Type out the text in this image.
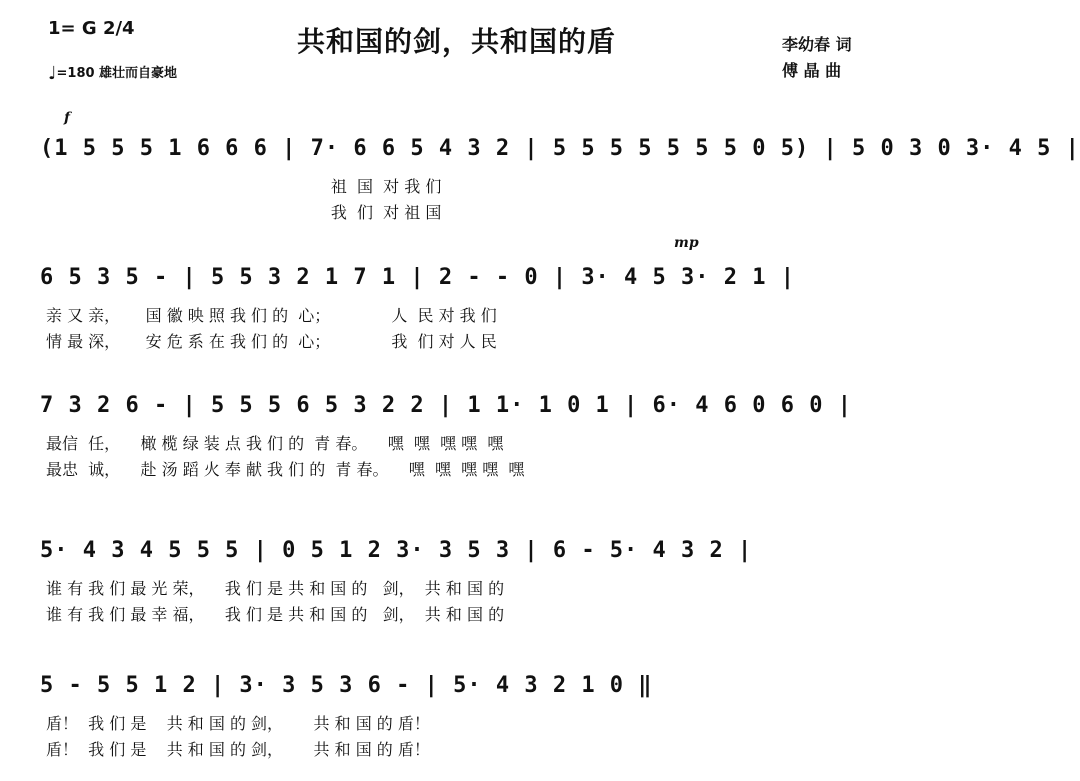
1= G 2/4
♩=180 雄壮而自豪地
共和国的剑，共和国的盾	李幼春 词
傅 晶 曲
f
(1 5 5 5 1 6 6 6 | 7· 6 6 5 4 3 2 | 5 5 5 5 5 5 5 0 5) | 5 0 3 0 3· 4 5 |
祖  国  对 我 们
我  们  对 祖 国
mp
6 5 3 5 - | 5 5 3 2 1 7 1 | 2 - - 0 | 3· 4 5 3· 2 1 |
亲 又 亲，     国 徽 映 照 我 们 的  心；            人  民 对 我 们
情 最 深，     安 危 系 在 我 们 的  心；            我  们 对 人 民
7 3 2 6 - | 5 5 5 6 5 3 2 2 | 1 1· 1 0 1 | 6· 4 6 0 6 0 |
最信  任，    橄 榄 绿 装 点 我 们 的  青 春。    嘿  嘿  嘿 嘿  嘿
最忠  诚，    赴 汤 蹈 火 奉 献 我 们 的  青 春。    嘿  嘿  嘿 嘿  嘿
5· 4 3 4 5 5 5 | 0 5 1 2 3· 3 5 3 | 6 - 5· 4 3 2 |
谁 有 我 们 最 光 荣，    我 们 是 共 和 国 的   剑，  共 和 国 的
谁 有 我 们 最 幸 福，    我 们 是 共 和 国 的   剑，  共 和 国 的
5 - 5 5 1 2 | 3· 3 5 3 6 - | 5· 4 3 2 1 0 ‖
盾！  我 们 是    共 和 国 的 剑，      共 和 国 的 盾！
盾！  我 们 是    共 和 国 的 剑，      共 和 国 的 盾！
